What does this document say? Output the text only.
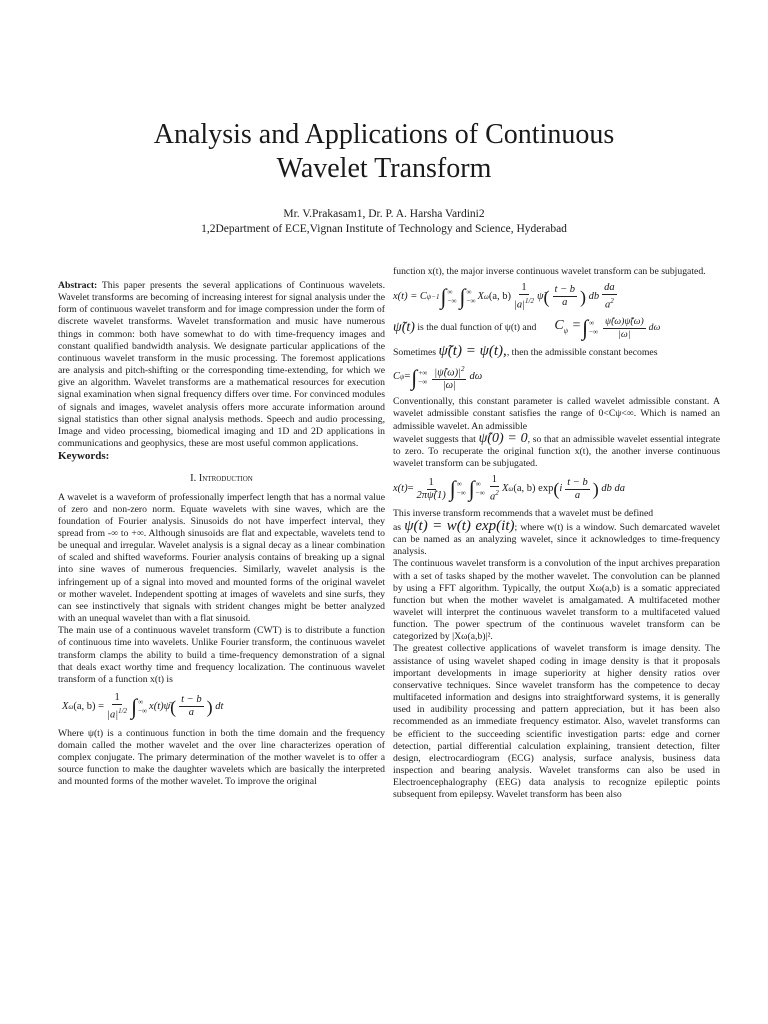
Analysis and Applications of Continuous
Wavelet Transform
Mr. V.Prakasam1, Dr. P. A. Harsha Vardini2
1,2Department of ECE,Vignan Institute of Technology and Science, Hyderabad

Abstract: This paper presents the several applications of Continuous wavelets. Wavelet transforms are becoming of increasing interest for signal analysis under the form of continuous wavelet transform and for image compression under the form of discrete wavelet transforms. Wavelet transformation and music have numerous things in common: both have somewhat to do with time-frequency images and constant qualified bandwidth analysis. We designate particular applications of the continuous wavelet transform in the music processing. The foremost applications are analysis and pitch-shifting or the corresponding time-extending, for which we give an algorithm. Wavelet transforms are a mathematical resources for execution signal examination when signal frequency differs over time. For convinced modules of signals and images, wavelet analysis offers more accurate information around signal statistics than other signal analysis methods. Speech and audio processing, Image and video processing, biomedical imaging and 1D and 2D applications in communications and geophysics, these are most useful common applications.

Keywords:

I. Introduction

A wavelet is a waveform of professionally imperfect length that has a normal value of zero and non-zero norm. Equate wavelets with sine waves, which are the foundation of Fourier analysis. Sinusoids do not have imperfect interval, they spread from -∞ to +∞. Although sinusoids are flat and expectable, wavelets tend to be unequal and irregular. Wavelet analysis is a signal decay as a linear combination of scaled and shifted waveforms. Fourier analysis contains of breaking up a signal into sine waves of numerous frequencies. Similarly, wavelet analysis is the infringement up of a signal into moved and mounted forms of the original wavelet or mother wavelet. Independent spotting at images of wavelets and sine surfs, they can see instinctively that signals with strident changes might be better analyzed with an unequal wavelet than with a flat sinusoid.

The main use of a continuous wavelet transform (CWT) is to distribute a function of continuous time into wavelets. Unlike Fourier transform, the continuous wavelet transform clamps the ability to build a time-frequency demonstration of a signal that deals exact worthy time and frequency localization. The continuous wavelet transform of a function x(t) is

X ω (a, $b) = \frac{1}{|a|^{1/2}}$ ∫ ∞
−∞ x(t)ψ̄ ( $\frac{t - b}{a}$ ) dt

Where ψ(t) is a continuous function in both the time domain and the frequency domain called the mother wavelet and the over line characterizes operation of complex conjugate. The primary determination of the mother wavelet is to offer a source function to make the daughter wavelets which are basically the interpreted and mounted forms of the mother wavelet. To improve the original

function x(t), the major inverse continuous wavelet transform can be subjugated.

x(t) = C ψ −1 ∫ ∞
−∞ ∫ ∞
−∞ X ω (a, $b) \frac{1}{|a|^{1/2}}$ ψ̃ ( $\frac{t - b}{a}$ ) db $\frac{da}{a^2}$
ψ̃(t)
is the dual function of ψ(t) and $C_\psi$ = ∫ ∞
−∞ $\frac{\psî(\omega)\psĩ̂(\omega)}{|\omega|}$ dω

Sometimes ψ̃(t) = ψ(t),, then the admissible constant becomes

C ψ = ∫ +∞
−∞ $\frac{|\psî(\omega)|^2}{|\omega|}$ dω

Conventionally, this constant parameter is called wavelet admissible constant. A wavelet admissible constant satisfies the range of 0<Cψ<∞. Which is named an admissible wavelet. An admissible

wavelet suggests that ψ̂(0) = 0, so that an admissible wavelet essential integrate to zero. To recuperate the original function x(t), the another inverse continuous wavelet transform can be subjugated.

$x(t) = \frac{1}{2\pi\psî(1)}$ ∫ ∞
−∞ ∫ ∞
−∞ $\frac{1}{a^2}$ X ω (a, b) exp ( i $\frac{t - b}{a}$ ) db da

This inverse transform recommends that a wavelet must be defined

as ψ(t) = w(t) exp(it); where w(t) is a window. Such demarcated wavelet can be named as an analyzing wavelet, since it acknowledges to time-frequency analysis.

The continuous wavelet transform is a convolution of the input archives preparation with a set of tasks shaped by the mother wavelet. The convolution can be planned by using a FFT algorithm. Typically, the output Xω(a,b) is a somatic appreciated function but when the mother wavelet is amalgamated. A multifaceted mother wavelet will interpret the continuous wavelet transform to a multifaceted valued function. The power spectrum of the continuous wavelet transform can be categorized by |Xω(a,b)|².

The greatest collective applications of wavelet transform is image density. The assistance of using wavelet shaped coding in image density is that it proposals important developments in image superiority at higher density ratios over conservative techniques. Since wavelet transform has the competence to decay multifaceted information and designs into straightforward systems, it is generally used in audibility processing and pattern appreciation, but it has been also recommended as an immediate frequency estimator. Also, wavelet transforms can be efficient to the succeeding scientific investigation parts: edge and corner detection, partial differential calculation explaining, transient detection, filter design, electrocardiogram (ECG) analysis, surface analysis, business data inspection and bearing analysis. Wavelet transforms can also be used in Electroencephalography (EEG) data analysis to recognize epileptic points subsequent from epilepsy. Wavelet transform has been also
